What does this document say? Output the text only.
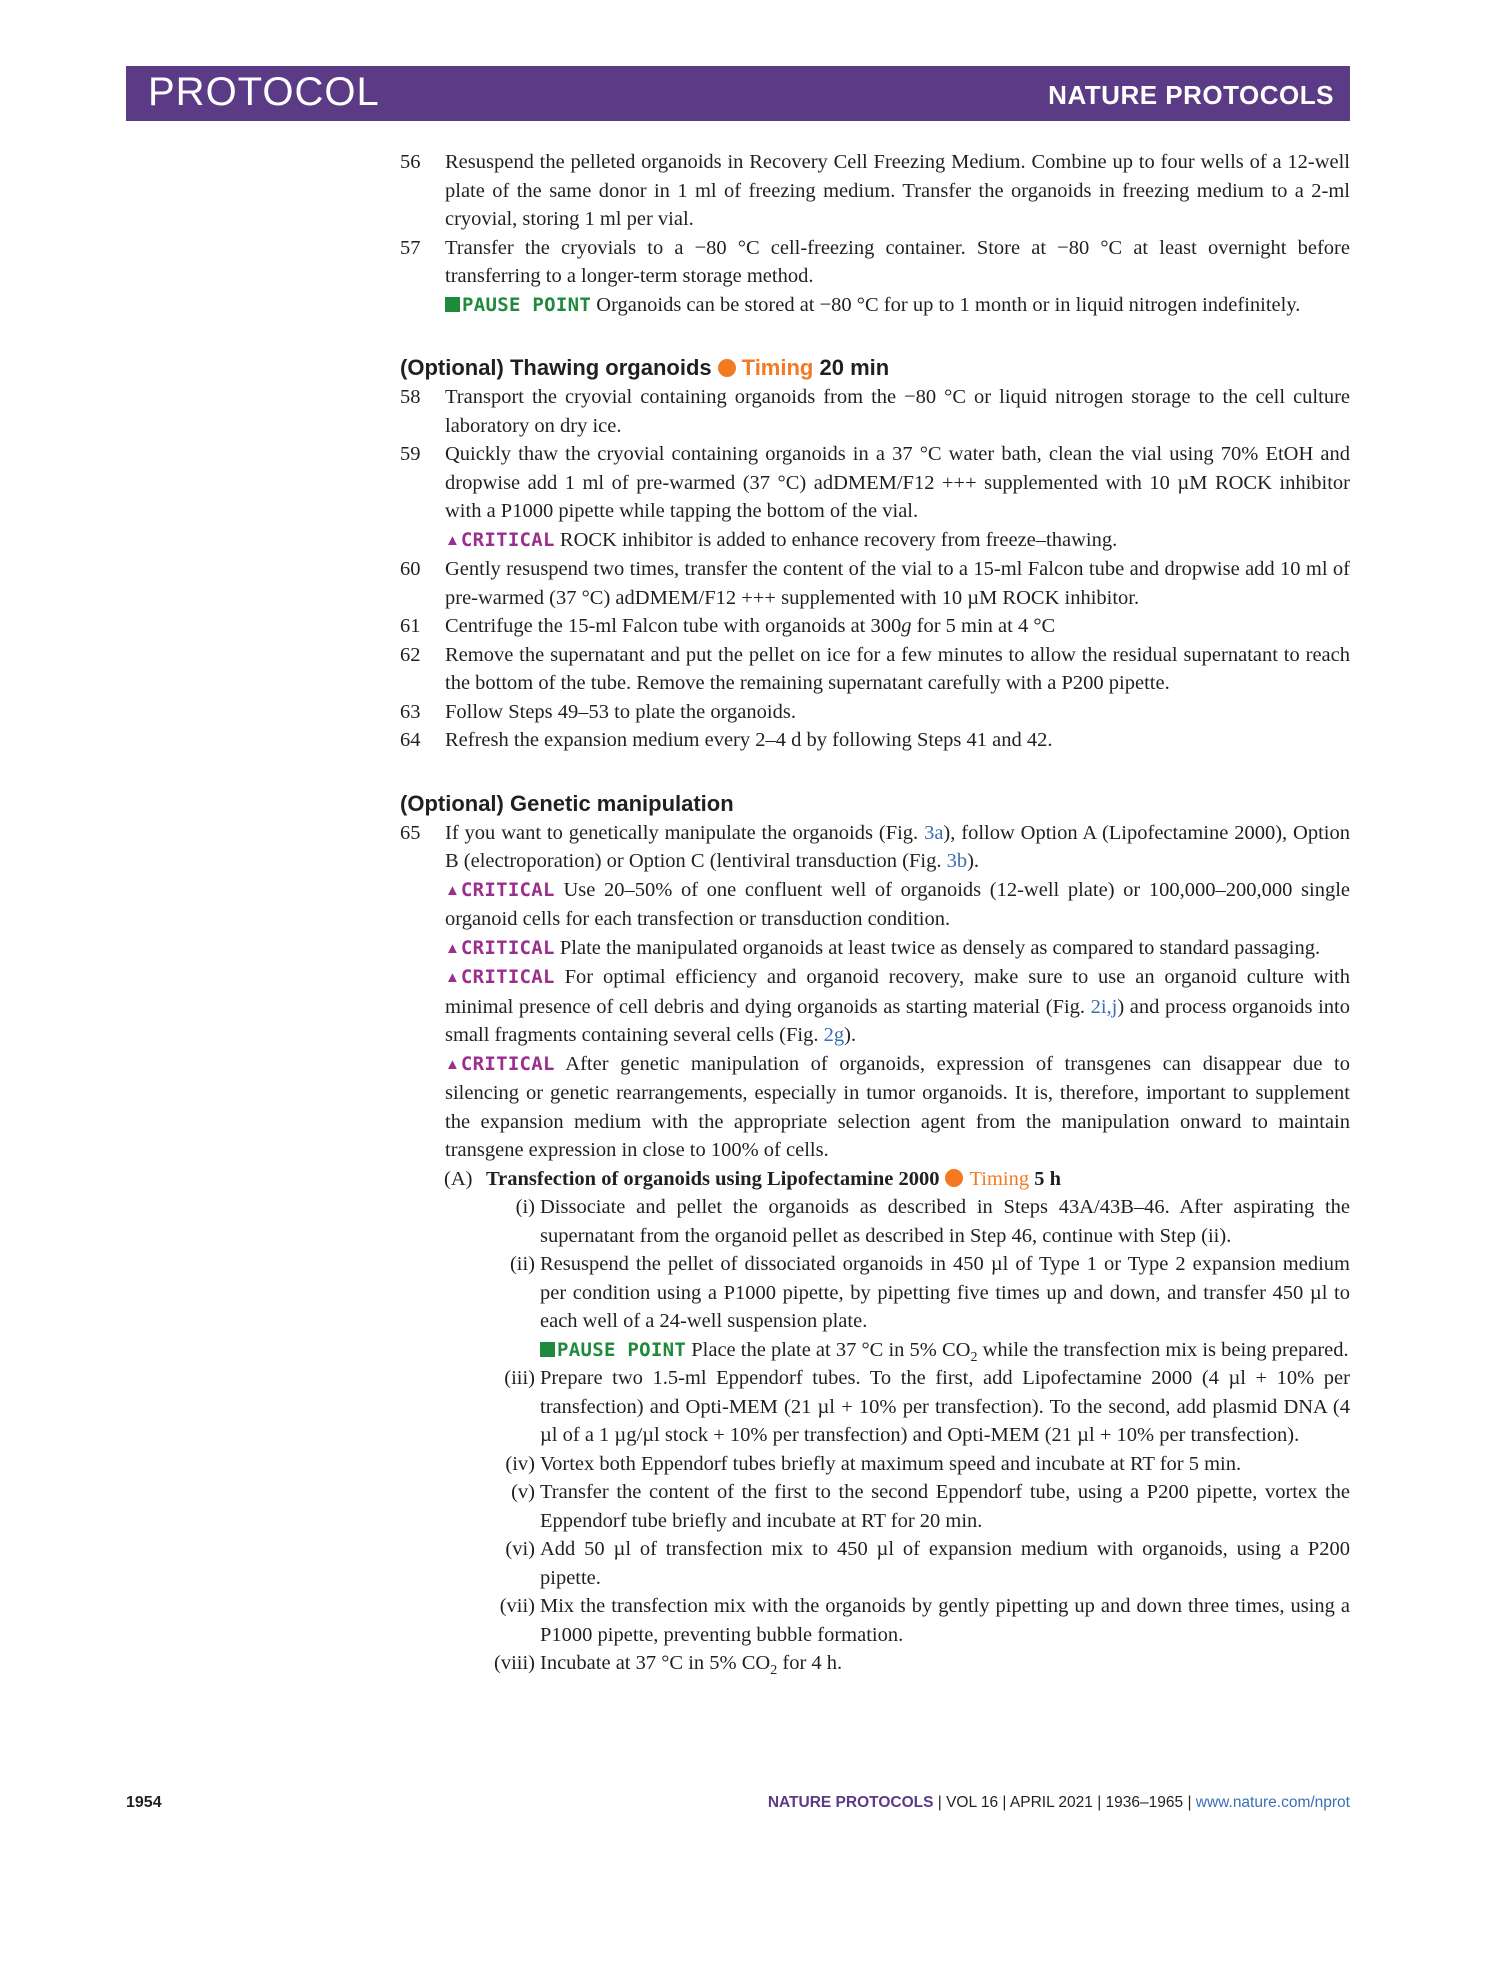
PROTOCOL	NATURE PROTOCOLS
56 Resuspend the pelleted organoids in Recovery Cell Freezing Medium. Combine up to four wells of a 12-well plate of the same donor in 1 ml of freezing medium. Transfer the organoids in freezing medium to a 2-ml cryovial, storing 1 ml per vial.
57 Transfer the cryovials to a −80 °C cell-freezing container. Store at −80 °C at least overnight before transferring to a longer-term storage method.
PAUSE POINT Organoids can be stored at −80 °C for up to 1 month or in liquid nitrogen indefinitely.
(Optional) Thawing organoids Timing 20 min
58 Transport the cryovial containing organoids from the −80 °C or liquid nitrogen storage to the cell culture laboratory on dry ice.
59 Quickly thaw the cryovial containing organoids in a 37 °C water bath, clean the vial using 70% EtOH and dropwise add 1 ml of pre-warmed (37 °C) adDMEM/F12 +++ supplemented with 10 µM ROCK inhibitor with a P1000 pipette while tapping the bottom of the vial.
▲CRITICAL ROCK inhibitor is added to enhance recovery from freeze–thawing.
60 Gently resuspend two times, transfer the content of the vial to a 15-ml Falcon tube and dropwise add 10 ml of pre-warmed (37 °C) adDMEM/F12 +++ supplemented with 10 µM ROCK inhibitor.
61 Centrifuge the 15-ml Falcon tube with organoids at 300g for 5 min at 4 °C
62 Remove the supernatant and put the pellet on ice for a few minutes to allow the residual supernatant to reach the bottom of the tube. Remove the remaining supernatant carefully with a P200 pipette.
63 Follow Steps 49–53 to plate the organoids.
64 Refresh the expansion medium every 2–4 d by following Steps 41 and 42.
(Optional) Genetic manipulation
65 If you want to genetically manipulate the organoids (Fig. 3a), follow Option A (Lipofectamine 2000), Option B (electroporation) or Option C (lentiviral transduction (Fig. 3b).
▲CRITICAL Use 20–50% of one confluent well of organoids (12-well plate) or 100,000–200,000 single organoid cells for each transfection or transduction condition.
▲CRITICAL Plate the manipulated organoids at least twice as densely as compared to standard passaging.
▲CRITICAL For optimal efficiency and organoid recovery, make sure to use an organoid culture with minimal presence of cell debris and dying organoids as starting material (Fig. 2i,j) and process organoids into small fragments containing several cells (Fig. 2g).
▲CRITICAL After genetic manipulation of organoids, expression of transgenes can disappear due to silencing or genetic rearrangements, especially in tumor organoids. It is, therefore, important to supplement the expansion medium with the appropriate selection agent from the manipulation onward to maintain transgene expression in close to 100% of cells.
(A) Transfection of organoids using Lipofectamine 2000 Timing 5 h
(i) Dissociate and pellet the organoids as described in Steps 43A/43B–46. After aspirating the supernatant from the organoid pellet as described in Step 46, continue with Step (ii).
(ii) Resuspend the pellet of dissociated organoids in 450 µl of Type 1 or Type 2 expansion medium per condition using a P1000 pipette, by pipetting five times up and down, and transfer 450 µl to each well of a 24-well suspension plate.
PAUSE POINT Place the plate at 37 °C in 5% $CO_2$ while the transfection mix is being prepared.
(iii) Prepare two 1.5-ml Eppendorf tubes. To the first, add Lipofectamine 2000 (4 µl + 10% per transfection) and Opti-MEM (21 µl + 10% per transfection). To the second, add plasmid DNA (4 µl of a 1 µg/µl stock + 10% per transfection) and Opti-MEM (21 µl + 10% per transfection).
(iv) Vortex both Eppendorf tubes briefly at maximum speed and incubate at RT for 5 min.
(v) Transfer the content of the first to the second Eppendorf tube, using a P200 pipette, vortex the Eppendorf tube briefly and incubate at RT for 20 min.
(vi) Add 50 µl of transfection mix to 450 µl of expansion medium with organoids, using a P200 pipette.
(vii) Mix the transfection mix with the organoids by gently pipetting up and down three times, using a P1000 pipette, preventing bubble formation.
(viii) Incubate at 37 °C in 5% $CO_2$ for 4 h.
1954	NATURE PROTOCOLS | VOL 16 | APRIL 2021 | 1936–1965 | www.nature.com/nprot
